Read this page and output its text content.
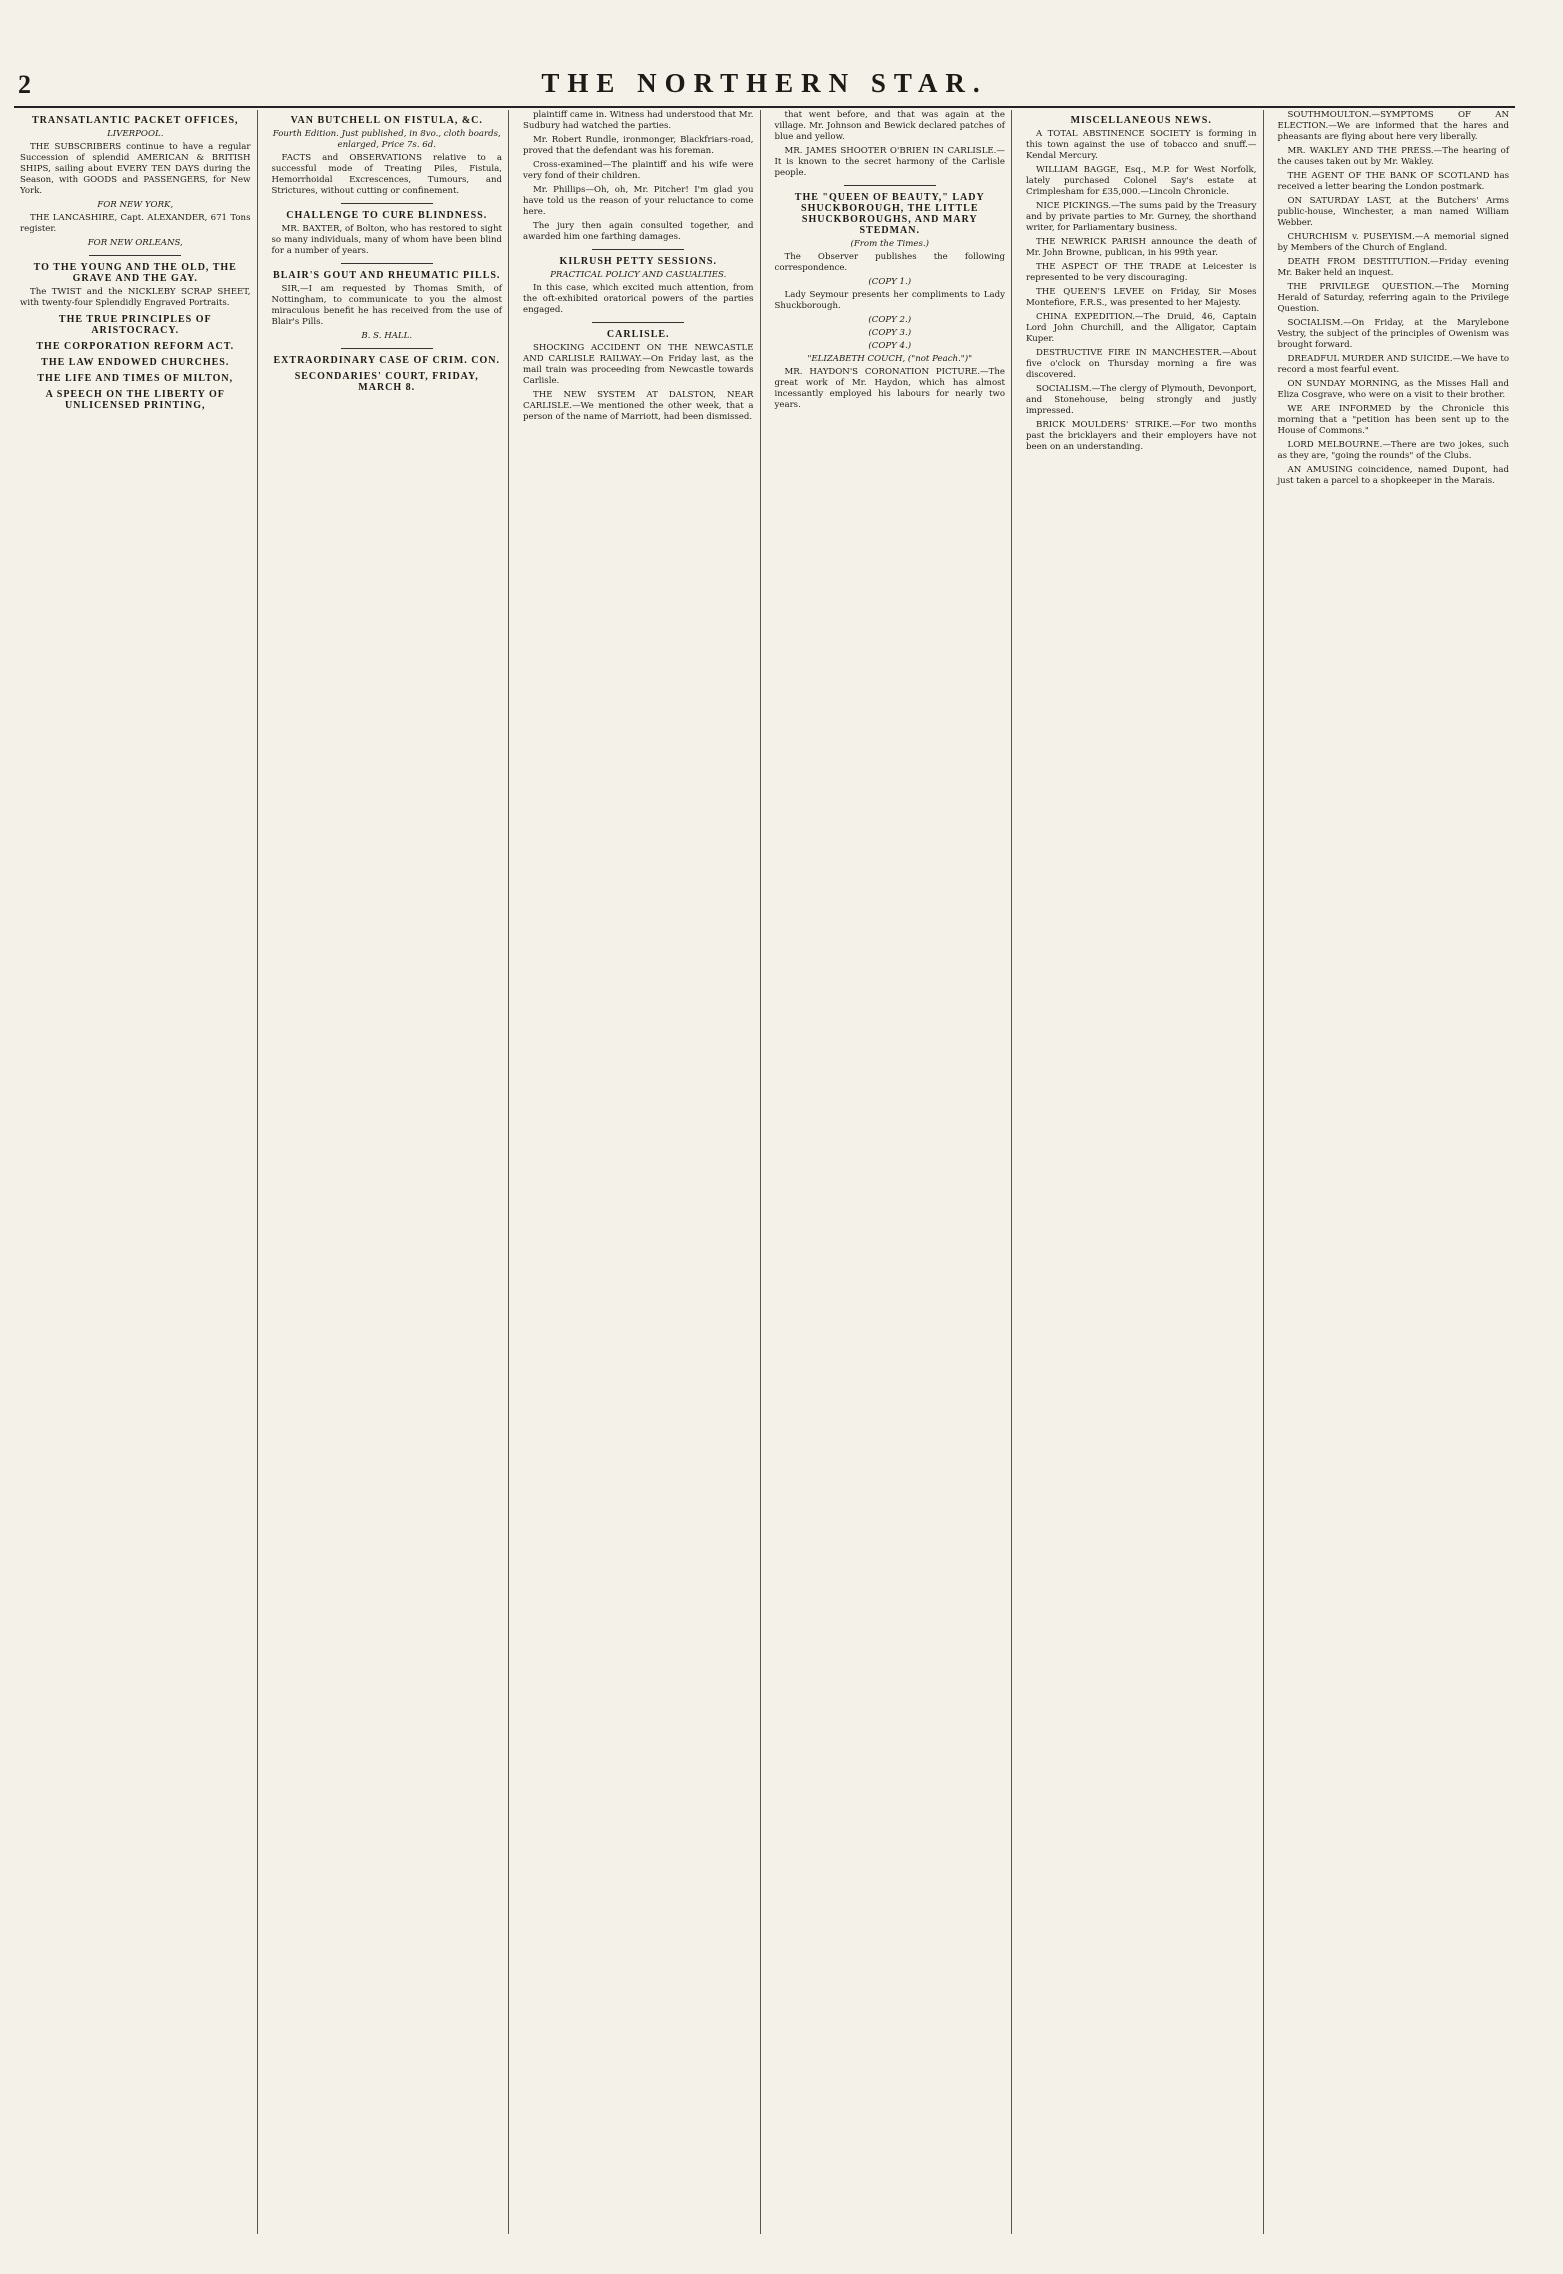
2	THE NORTHERN STAR.
TRANSATLANTIC PACKET OFFICES,
LIVERPOOL.
THE SUBSCRIBERS continue to have a regular Succession of splendid AMERICAN & BRITISH SHIPS, sailing about EVERY TEN DAYS during the Season, with GOODS and PASSENGERS, for New York.
FOR NEW YORK,
THE LANCASHIRE, Capt. ALEXANDER, 671 Tons register.
FOR NEW ORLEANS,
TO THE YOUNG AND THE OLD, THE GRAVE AND THE GAY.
The TWIST and the NICKLEBY SCRAP SHEET, with twenty-four Splendidly Engraved Portraits.
THE TRUE PRINCIPLES OF ARISTOCRACY.
THE CORPORATION REFORM ACT.
THE LAW ENDOWED CHURCHES.
THE LIFE AND TIMES OF MILTON,
A SPEECH ON THE LIBERTY OF UNLICENSED PRINTING,
VAN BUTCHELL ON FISTULA, &C.
Fourth Edition. Just published, in 8vo., cloth boards, enlarged, Price 7s. 6d.
FACTS and OBSERVATIONS relative to a successful mode of Treating Piles, Fistula, Hemorrhoidal Excrescences, Tumours, and Strictures, without cutting or confinement.
CHALLENGE TO CURE BLINDNESS.
MR. BAXTER, of Bolton, who has restored to sight so many individuals, many of whom have been blind for a number of years.
BLAIR'S GOUT AND RHEUMATIC PILLS.
SIR,—I am requested by Thomas Smith, of Nottingham, to communicate to you the almost miraculous benefit he has received from the use of Blair's Pills.
B. S. HALL.
EXTRAORDINARY CASE OF CRIM. CON.
SECONDARIES' COURT, FRIDAY, MARCH 8.
plaintiff came in. Witness had understood that Mr. Sudbury had watched the parties.
Mr. Robert Rundle, ironmonger, Blackfriars-road, proved that the defendant was his foreman.
Cross-examined—The plaintiff and his wife were very fond of their children.
Mr. Phillips—Oh, oh, Mr. Pitcher! I'm glad you have told us the reason of your reluctance to come here.
The jury then again consulted together, and awarded him one farthing damages.
KILRUSH PETTY SESSIONS.
PRACTICAL POLICY AND CASUALTIES.
In this case, which excited much attention, from the oft-exhibited oratorical powers of the parties engaged.
CARLISLE.
SHOCKING ACCIDENT ON THE NEWCASTLE AND CARLISLE RAILWAY.—On Friday last, as the mail train was proceeding from Newcastle towards Carlisle.
THE NEW SYSTEM AT DALSTON, NEAR CARLISLE.—We mentioned the other week, that a person of the name of Marriott, had been dismissed.
that went before, and that was again at the village. Mr. Johnson and Bewick declared patches of blue and yellow.
MR. JAMES SHOOTER O'BRIEN IN CARLISLE.—It is known to the secret harmony of the Carlisle people.
THE "QUEEN OF BEAUTY," LADY SHUCKBOROUGH, THE LITTLE SHUCKBOROUGHS, AND MARY STEDMAN.
(From the Times.)
The Observer publishes the following correspondence.
(COPY 1.)
Lady Seymour presents her compliments to Lady Shuckborough.
(COPY 2.)
(COPY 3.)
(COPY 4.)
"ELIZABETH COUCH, ("not Peach.")"
MR. HAYDON'S CORONATION PICTURE.—The great work of Mr. Haydon, which has almost incessantly employed his labours for nearly two years.
MISCELLANEOUS NEWS.
A TOTAL ABSTINENCE SOCIETY is forming in this town against the use of tobacco and snuff.—Kendal Mercury.
WILLIAM BAGGE, Esq., M.P. for West Norfolk, lately purchased Colonel Say's estate at Crimplesham for £35,000.—Lincoln Chronicle.
NICE PICKINGS.—The sums paid by the Treasury and by private parties to Mr. Gurney, the shorthand writer, for Parliamentary business.
THE NEWRICK PARISH announce the death of Mr. John Browne, publican, in his 99th year.
THE ASPECT OF THE TRADE at Leicester is represented to be very discouraging.
THE QUEEN'S LEVEE on Friday, Sir Moses Montefiore, F.R.S., was presented to her Majesty.
CHINA EXPEDITION.—The Druid, 46, Captain Lord John Churchill, and the Alligator, Captain Kuper.
DESTRUCTIVE FIRE IN MANCHESTER.—About five o'clock on Thursday morning a fire was discovered.
SOCIALISM.—The clergy of Plymouth, Devonport, and Stonehouse, being strongly and justly impressed.
BRICK MOULDERS' STRIKE.—For two months past the bricklayers and their employers have not been on an understanding.
SOUTHMOULTON.—SYMPTOMS OF AN ELECTION.—We are informed that the hares and pheasants are flying about here very liberally.
MR. WAKLEY AND THE PRESS.—The hearing of the causes taken out by Mr. Wakley.
THE AGENT OF THE BANK OF SCOTLAND has received a letter bearing the London postmark.
ON SATURDAY LAST, at the Butchers' Arms public-house, Winchester, a man named William Webber.
CHURCHISM v. PUSEYISM.—A memorial signed by Members of the Church of England.
DEATH FROM DESTITUTION.—Friday evening Mr. Baker held an inquest.
THE PRIVILEGE QUESTION.—The Morning Herald of Saturday, referring again to the Privilege Question.
SOCIALISM.—On Friday, at the Marylebone Vestry, the subject of the principles of Owenism was brought forward.
DREADFUL MURDER AND SUICIDE.—We have to record a most fearful event.
ON SUNDAY MORNING, as the Misses Hall and Eliza Cosgrave, who were on a visit to their brother.
WE ARE INFORMED by the Chronicle this morning that a "petition has been sent up to the House of Commons."
LORD MELBOURNE.—There are two jokes, such as they are, "going the rounds" of the Clubs.
AN AMUSING coincidence, named Dupont, had just taken a parcel to a shopkeeper in the Marais.
